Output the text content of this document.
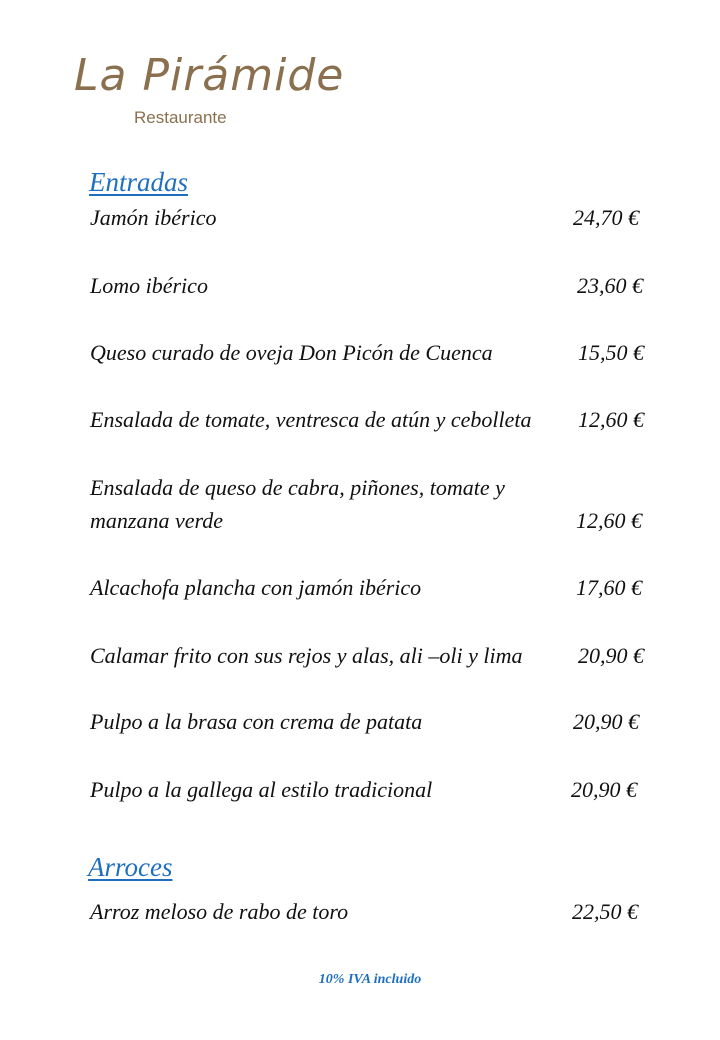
La Pirámide
Restaurante
Entradas
Jamón ibérico	24,70 €
Lomo ibérico	23,60 €
Queso curado de oveja Don Picón de Cuenca	15,50 €
Ensalada de tomate, ventresca de atún y cebolleta 12,60 €
Ensalada de queso de cabra, piñones, tomate y
manzana verde	12,60 €
Alcachofa plancha con jamón ibérico	17,60 €
Calamar frito con sus rejos y alas, ali –oli y lima	20,90 €
Pulpo a la brasa con crema de patata	20,90 €
Pulpo a la gallega al estilo tradicional	20,90 €
Arroces
Arroz meloso de rabo de toro	22,50 €
10% IVA incluido
